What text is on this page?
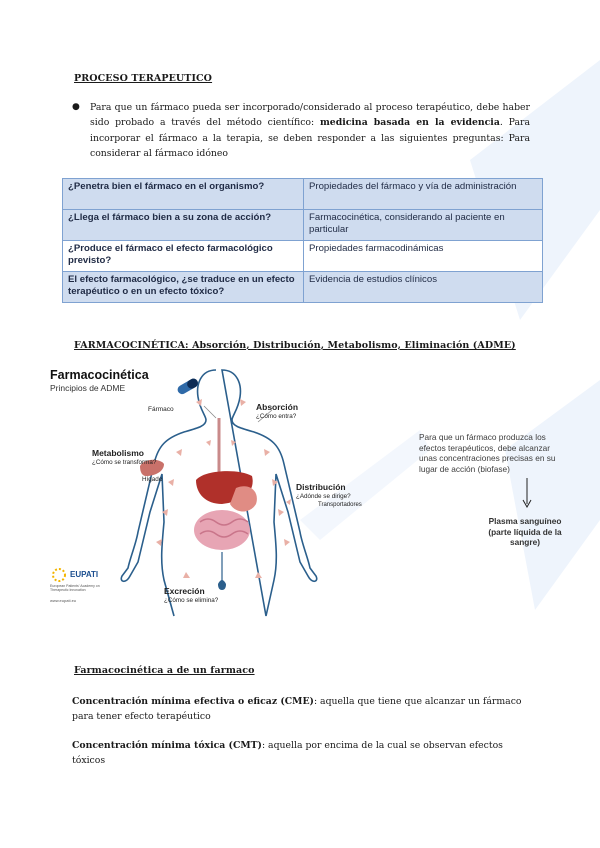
PROCESO TERAPEUTICO
● Para que un fármaco pueda ser incorporado/considerado al proceso terapéutico, debe haber sido probado a través del método científico: medicina basada en la evidencia. Para incorporar el fármaco a la terapia, se deben responder a las siguientes preguntas: Para considerar al fármaco idóneo
¿Penetra bien el fármaco en el organismo?	Propiedades del fármaco y vía de administración
¿Llega el fármaco bien a su zona de acción?	Farmacocinética, considerando al paciente en particular
¿Produce el fármaco el efecto farmacológico previsto?	Propiedades farmacodinámicas
El efecto farmacológico, ¿se traduce en un efecto terapéutico o en un efecto tóxico?	Evidencia de estudios clínicos
FARMACOCINÉTICA: Absorción, Distribución, Metabolismo, Eliminación (ADME)
Farmacocinética
Principios de ADME
Fármaco	Absorción
¿Cómo entra?
Metabolismo
¿Cómo se transforma?
Hígado
Distribución
¿Adónde se dirige?
Transportadores
Excreción
¿Cómo se elimina?
EUPATI
European Patients' Academy on Therapeutic Innovation
www.eupati.eu
Para que un fármaco produzca los efectos terapéuticos, debe alcanzar unas concentraciones precisas en su lugar de acción (biofase)
Plasma sanguíneo (parte líquida de la sangre)
Farmacocinética a de un farmaco
Concentración mínima efectiva o eficaz (CME): aquella que tiene que alcanzar un fármaco para tener efecto terapéutico
Concentración mínima tóxica (CMT): aquella por encima de la cual se observan efectos tóxicos
